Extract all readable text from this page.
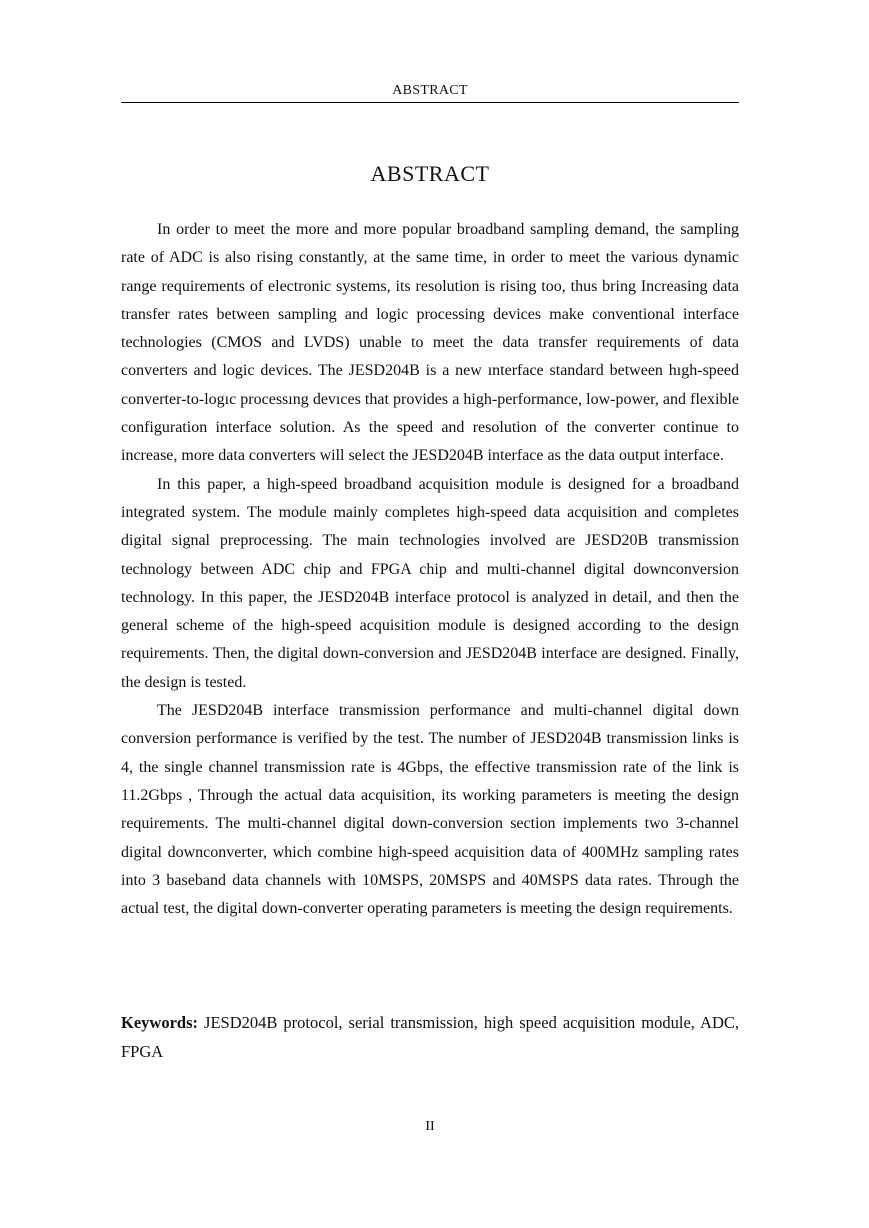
ABSTRACT
ABSTRACT

In order to meet the more and more popular broadband sampling demand, the sampling rate of ADC is also rising constantly, at the same time, in order to meet the various dynamic range requirements of electronic systems, its resolution is rising too, thus bring Increasing data transfer rates between sampling and logic processing devices make conventional interface technologies (CMOS and LVDS) unable to meet the data transfer requirements of data converters and logic devices. The JESD204B is a new ınterface standard between hıgh-speed converter-to-logıc processıng devıces that provides a high-performance, low-power, and flexible configuration interface solution. As the speed and resolution of the converter continue to increase, more data converters will select the JESD204B interface as the data output interface.

In this paper, a high-speed broadband acquisition module is designed for a broadband integrated system. The module mainly completes high-speed data acquisition and completes digital signal preprocessing. The main technologies involved are JESD20B transmission technology between ADC chip and FPGA chip and multi-channel digital downconversion technology. In this paper, the JESD204B interface protocol is analyzed in detail, and then the general scheme of the high-speed acquisition module is designed according to the design requirements. Then, the digital down-conversion and JESD204B interface are designed. Finally, the design is tested.

The JESD204B interface transmission performance and multi-channel digital down conversion performance is verified by the test. The number of JESD204B transmission links is 4, the single channel transmission rate is 4Gbps, the effective transmission rate of the link is 11.2Gbps , Through the actual data acquisition, its working parameters is meeting the design requirements. The multi-channel digital down-conversion section implements two 3-channel digital downconverter, which combine high-speed acquisition data of 400MHz sampling rates into 3 baseband data channels with 10MSPS, 20MSPS and 40MSPS data rates. Through the actual test, the digital down-converter operating parameters is meeting the design requirements.

Keywords: JESD204B protocol, serial transmission, high speed acquisition module, ADC, FPGA

II
